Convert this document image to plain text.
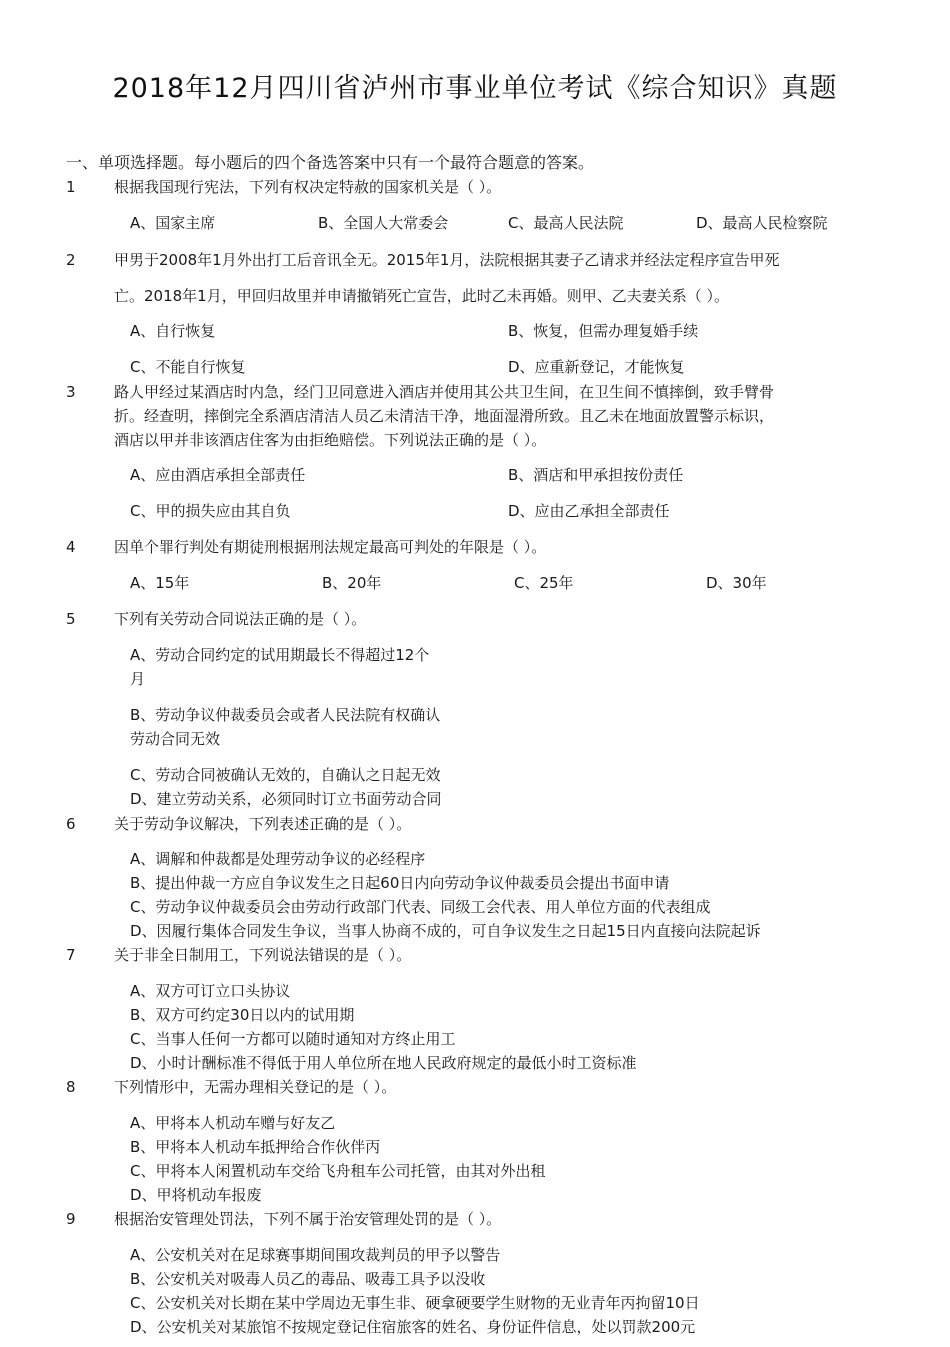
2018年12月四川省泸州市事业单位考试《综合知识》真题
一、单项选择题。每小题后的四个备选答案中只有一个最符合题意的答案。
1	根据我国现行宪法，下列有权决定特赦的国家机关是（ ）。
A、国家主席	B、全国人大常委会	C、最高人民法院	D、最高人民检察院
2	甲男于2008年1月外出打工后音讯全无。2015年1月，法院根据其妻子乙请求并经法定程序宣告甲死
亡。2018年1月，甲回归故里并申请撤销死亡宣告，此时乙未再婚。则甲、乙夫妻关系（ ）。
A、自行恢复	B、恢复，但需办理复婚手续
C、不能自行恢复	D、应重新登记，才能恢复
3	路人甲经过某酒店时内急，经门卫同意进入酒店并使用其公共卫生间，在卫生间不慎摔倒，致手臂骨
折。经查明，摔倒完全系酒店清洁人员乙未清洁干净，地面湿滑所致。且乙未在地面放置警示标识，
酒店以甲并非该酒店住客为由拒绝赔偿。下列说法正确的是（ ）。
A、应由酒店承担全部责任	B、酒店和甲承担按份责任
C、甲的损失应由其自负	D、应由乙承担全部责任
4	因单个罪行判处有期徒刑根据刑法规定最高可判处的年限是（ ）。
A、15年	B、20年	C、25年	D、30年
5	下列有关劳动合同说法正确的是（ ）。
A、劳动合同约定的试用期最长不得超过12个
月
B、劳动争议仲裁委员会或者人民法院有权确认
劳动合同无效
C、劳动合同被确认无效的，自确认之日起无效
D、建立劳动关系，必须同时订立书面劳动合同
6	关于劳动争议解决，下列表述正确的是（ ）。
A、调解和仲裁都是处理劳动争议的必经程序
B、提出仲裁一方应自争议发生之日起60日内向劳动争议仲裁委员会提出书面申请
C、劳动争议仲裁委员会由劳动行政部门代表、同级工会代表、用人单位方面的代表组成
D、因履行集体合同发生争议，当事人协商不成的，可自争议发生之日起15日内直接向法院起诉
7	关于非全日制用工，下列说法错误的是（ ）。
A、双方可订立口头协议
B、双方可约定30日以内的试用期
C、当事人任何一方都可以随时通知对方终止用工
D、小时计酬标准不得低于用人单位所在地人民政府规定的最低小时工资标准
8	下列情形中，无需办理相关登记的是（ ）。
A、甲将本人机动车赠与好友乙
B、甲将本人机动车抵押给合作伙伴丙
C、甲将本人闲置机动车交给飞舟租车公司托管，由其对外出租
D、甲将机动车报废
9	根据治安管理处罚法，下列不属于治安管理处罚的是（ ）。
A、公安机关对在足球赛事期间围攻裁判员的甲予以警告
B、公安机关对吸毒人员乙的毒品、吸毒工具予以没收
C、公安机关对长期在某中学周边无事生非、硬拿硬要学生财物的无业青年丙拘留10日
D、公安机关对某旅馆不按规定登记住宿旅客的姓名、身份证件信息，处以罚款200元
